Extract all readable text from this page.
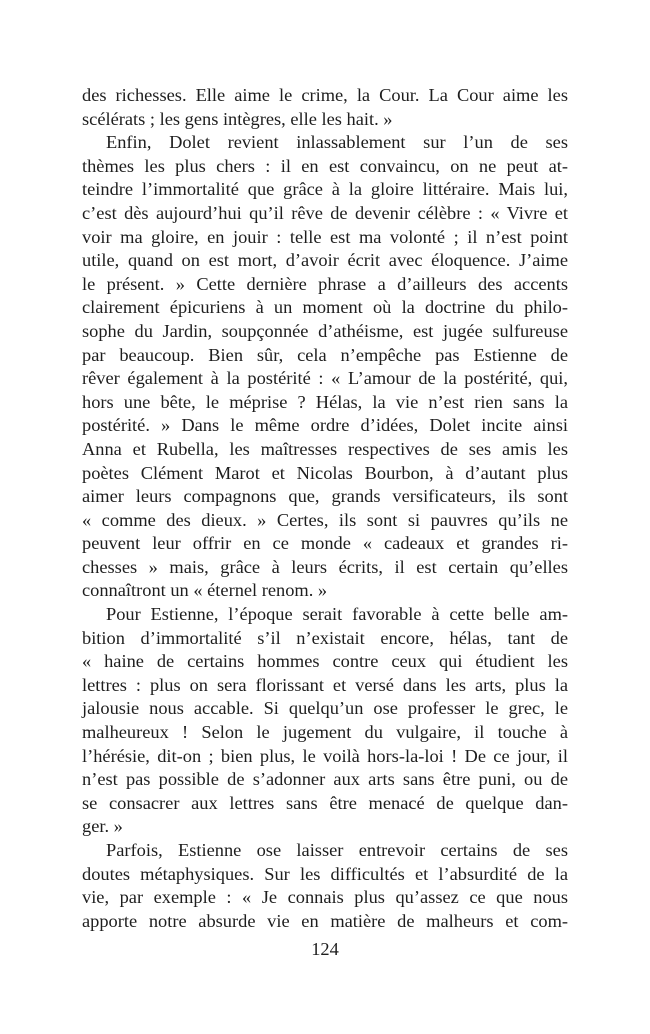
des richesses. Elle aime le crime, la Cour. La Cour aime les
scélérats ; les gens intègres, elle les hait. »
Enfin, Dolet revient inlassablement sur l’un de ses
thèmes les plus chers : il en est convaincu, on ne peut at-
teindre l’immortalité que grâce à la gloire littéraire. Mais lui,
c’est dès aujourd’hui qu’il rêve de devenir célèbre : « Vivre et
voir ma gloire, en jouir : telle est ma volonté ; il n’est point
utile, quand on est mort, d’avoir écrit avec éloquence. J’aime
le présent. » Cette dernière phrase a d’ailleurs des accents
clairement épicuriens à un moment où la doctrine du philo-
sophe du Jardin, soupçonnée d’athéisme, est jugée sulfureuse
par beaucoup. Bien sûr, cela n’empêche pas Estienne de
rêver également à la postérité : « L’amour de la postérité, qui,
hors une bête, le méprise ? Hélas, la vie n’est rien sans la
postérité. » Dans le même ordre d’idées, Dolet incite ainsi
Anna et Rubella, les maîtresses respectives de ses amis les
poètes Clément Marot et Nicolas Bourbon, à d’autant plus
aimer leurs compagnons que, grands versificateurs, ils sont
« comme des dieux. » Certes, ils sont si pauvres qu’ils ne
peuvent leur offrir en ce monde « cadeaux et grandes ri-
chesses » mais, grâce à leurs écrits, il est certain qu’elles
connaîtront un « éternel renom. »
Pour Estienne, l’époque serait favorable à cette belle am-
bition d’immortalité s’il n’existait encore, hélas, tant de
« haine de certains hommes contre ceux qui étudient les
lettres : plus on sera florissant et versé dans les arts, plus la
jalousie nous accable. Si quelqu’un ose professer le grec, le
malheureux ! Selon le jugement du vulgaire, il touche à
l’hérésie, dit-on ; bien plus, le voilà hors-la-loi ! De ce jour, il
n’est pas possible de s’adonner aux arts sans être puni, ou de
se consacrer aux lettres sans être menacé de quelque dan-
ger. »
Parfois, Estienne ose laisser entrevoir certains de ses
doutes métaphysiques. Sur les difficultés et l’absurdité de la
vie, par exemple : « Je connais plus qu’assez ce que nous
apporte notre absurde vie en matière de malheurs et com-
124
